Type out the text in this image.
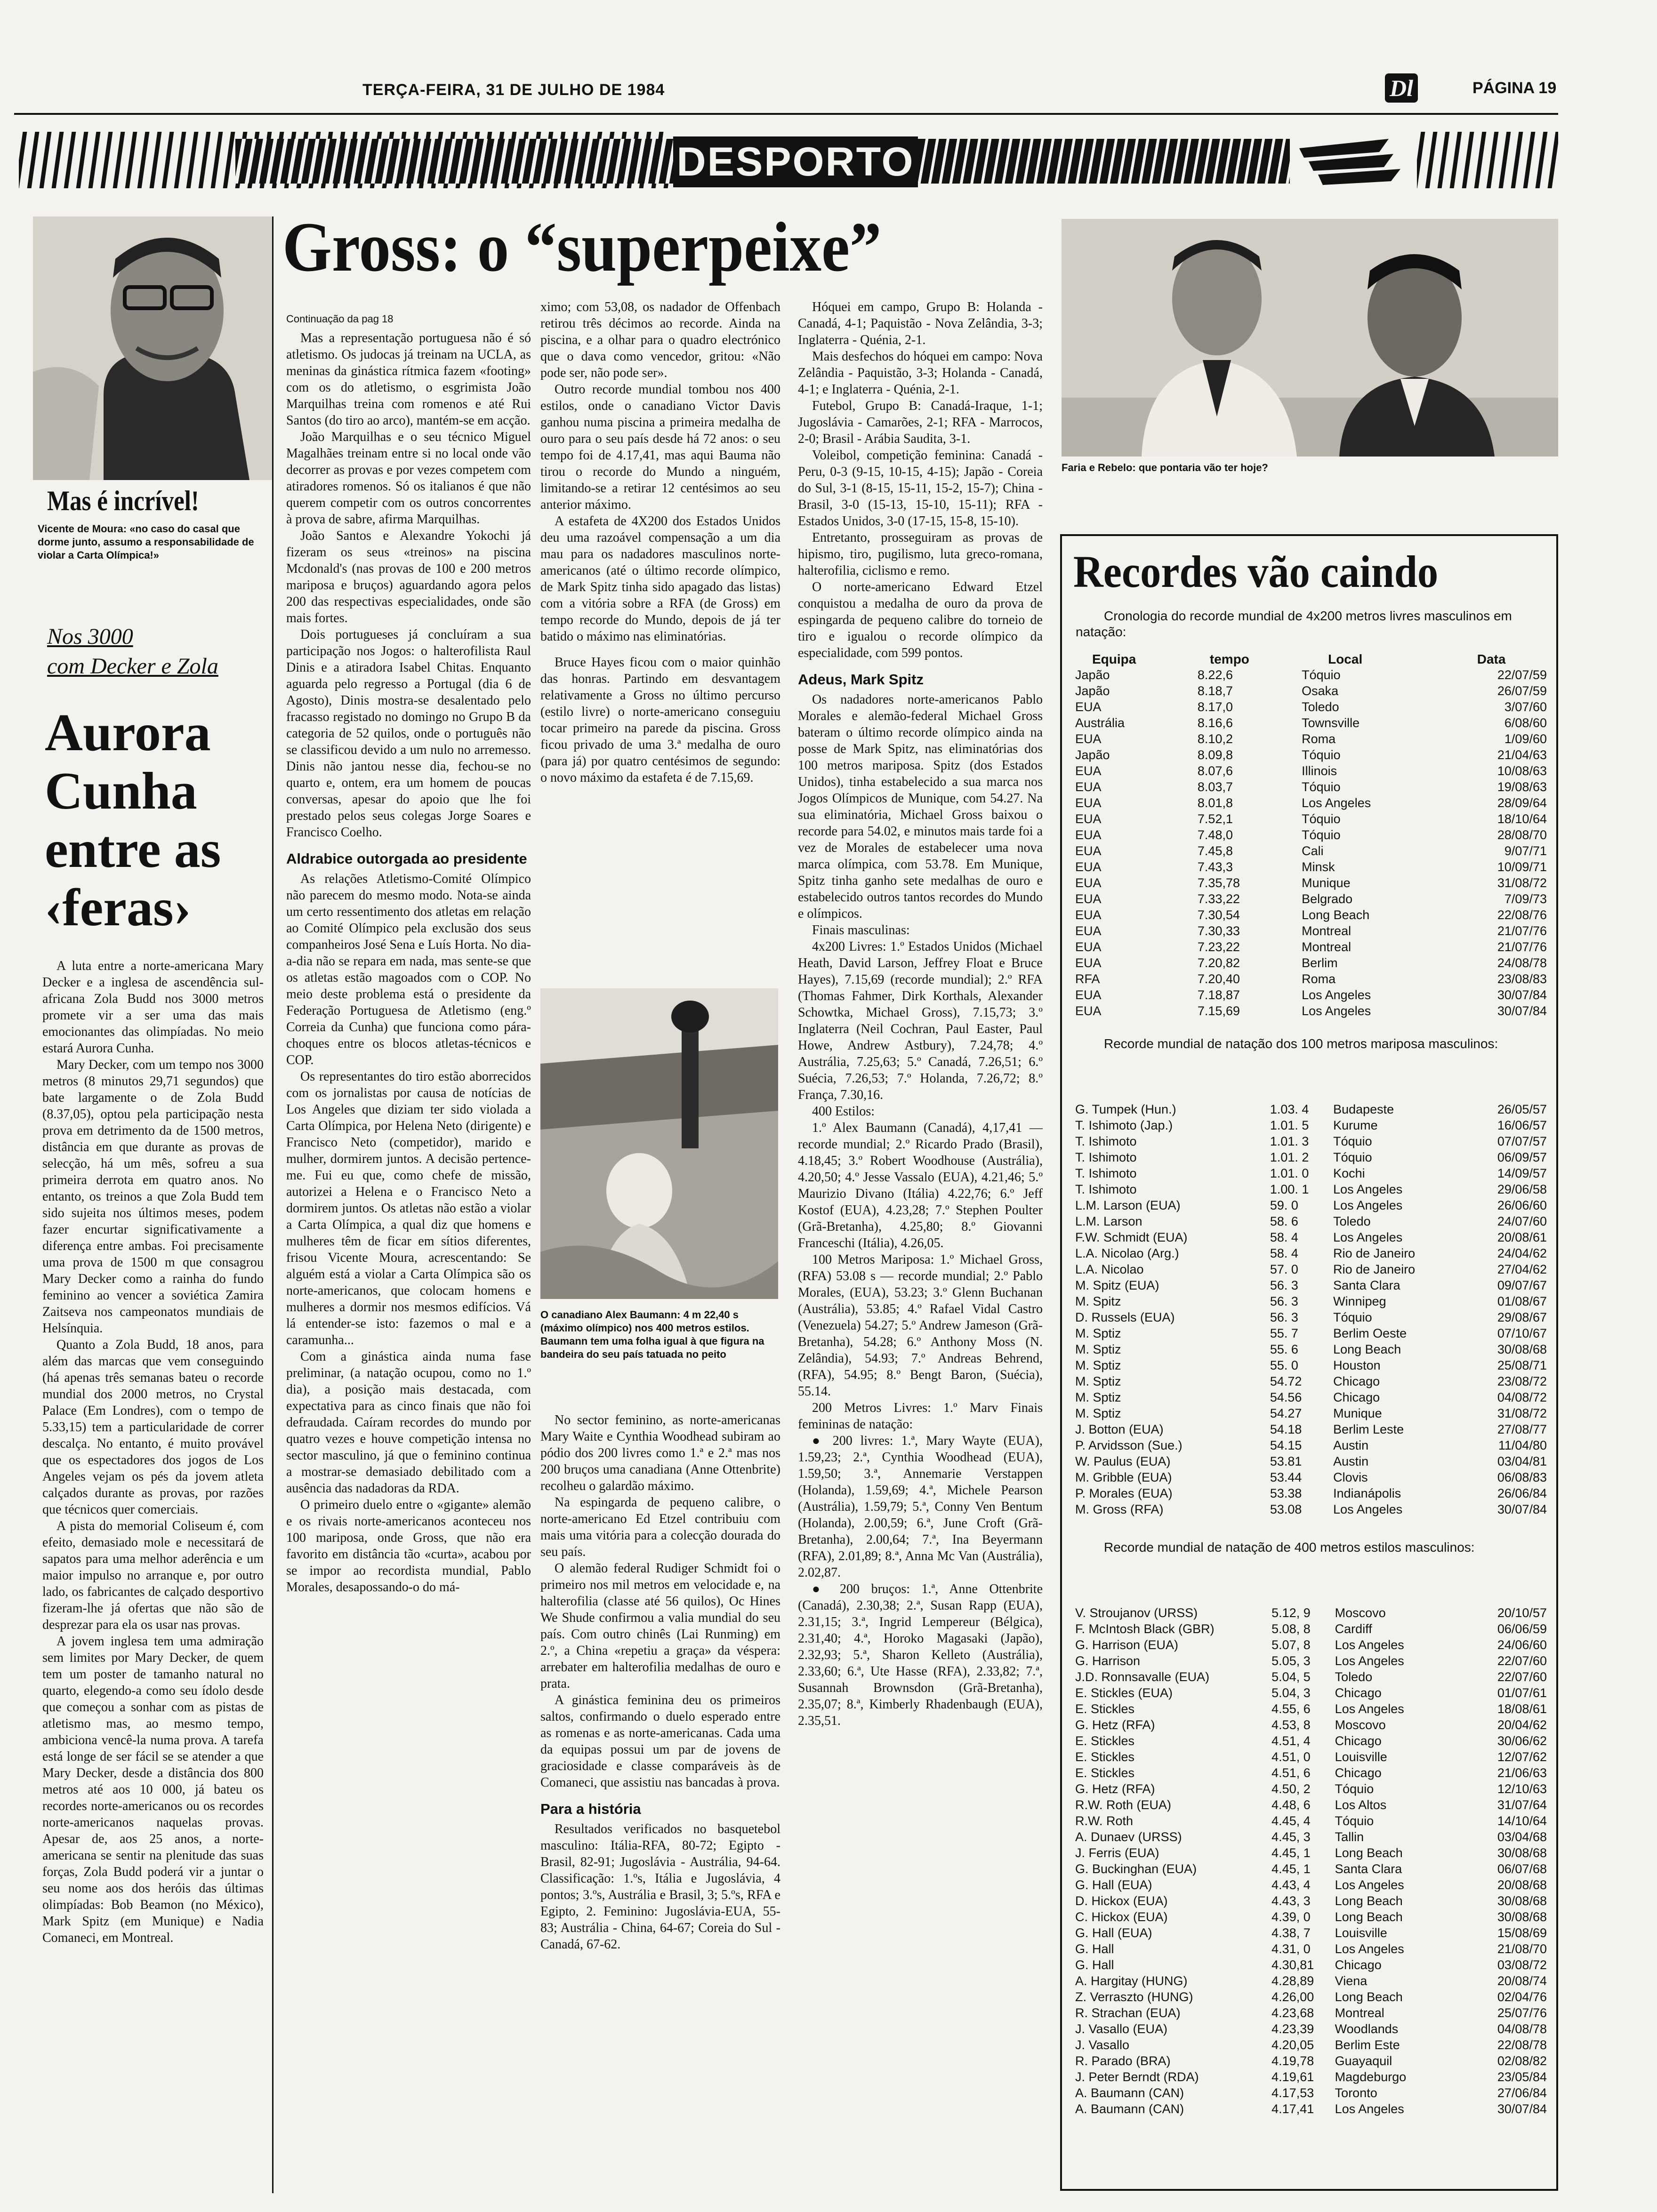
TERÇA-FEIRA, 31 DE JULHO DE 1984	Dl	PÁGINA 19
DESPORTO
Mas é incrível!
Vicente de Moura: «no caso do casal que dorme junto, assumo a responsabilidade de violar a Carta Olímpica!»
Nos 3000
com Decker e Zola
Aurora Cunha entre as ‹feras›

A luta entre a norte-americana Mary Decker e a inglesa de ascendência sul-africana Zola Budd nos 3000 metros promete vir a ser uma das mais emocionantes das olimpíadas. No meio estará Aurora Cunha.

Mary Decker, com um tempo nos 3000 metros (8 minutos 29,71 segundos) que bate largamente o de Zola Budd (8.37,05), optou pela participação nesta prova em detrimento da de 1500 metros, distância em que durante as provas de selecção, há um mês, sofreu a sua primeira derrota em quatro anos. No entanto, os treinos a que Zola Budd tem sido sujeita nos últimos meses, podem fazer encurtar significativamente a diferença entre ambas. Foi precisamente uma prova de 1500 m que consagrou Mary Decker como a rainha do fundo feminino ao vencer a soviética Zamira Zaitseva nos campeonatos mundiais de Helsínquia.

Quanto a Zola Budd, 18 anos, para além das marcas que vem conseguindo (há apenas três semanas bateu o recorde mundial dos 2000 metros, no Crystal Palace (Em Londres), com o tempo de 5.33,15) tem a particularidade de correr descalça. No entanto, é muito provável que os espectadores dos jogos de Los Angeles vejam os pés da jovem atleta calçados durante as provas, por razões que técnicos quer comerciais.

A pista do memorial Coliseum é, com efeito, demasiado mole e necessitará de sapatos para uma melhor aderência e um maior impulso no arranque e, por outro lado, os fabricantes de calçado desportivo fizeram-lhe já ofertas que não são de desprezar para ela os usar nas provas.

A jovem inglesa tem uma admiração sem limites por Mary Decker, de quem tem um poster de tamanho natural no quarto, elegendo-a como seu ídolo desde que começou a sonhar com as pistas de atletismo mas, ao mesmo tempo, ambiciona vencê-la numa prova. A tarefa está longe de ser fácil se se atender a que Mary Decker, desde a distância dos 800 metros até aos 10 000, já bateu os recordes norte-americanos ou os recordes norte-americanos naquelas provas. Apesar de, aos 25 anos, a norte-americana se sentir na plenitude das suas forças, Zola Budd poderá vir a juntar o seu nome aos dos heróis das últimas olimpíadas: Bob Beamon (no México), Mark Spitz (em Munique) e Nadia Comaneci, em Montreal.

Gross: o “superpeixe”

Continuação da pag 18

Mas a representação portuguesa não é só atletismo. Os judocas já treinam na UCLA, as meninas da ginástica rítmica fazem «footing» com os do atletismo, o esgrimista João Marquilhas treina com romenos e até Rui Santos (do tiro ao arco), mantém-se em acção.

João Marquilhas e o seu técnico Miguel Magalhães treinam entre si no local onde vão decorrer as provas e por vezes competem com atiradores romenos. Só os italianos é que não querem competir com os outros concorrentes à prova de sabre, afirma Marquilhas.

João Santos e Alexandre Yokochi já fizeram os seus «treinos» na piscina Mcdonald's (nas provas de 100 e 200 metros mariposa e bruços) aguardando agora pelos 200 das respectivas especialidades, onde são mais fortes.

Dois portugueses já concluíram a sua participação nos Jogos: o halterofilista Raul Dinis e a atiradora Isabel Chitas. Enquanto aguarda pelo regresso a Portugal (dia 6 de Agosto), Dinis mostra-se desalentado pelo fracasso registado no domingo no Grupo B da categoria de 52 quilos, onde o português não se classificou devido a um nulo no arremesso. Dinis não jantou nesse dia, fechou-se no quarto e, ontem, era um homem de poucas conversas, apesar do apoio que lhe foi prestado pelos seus colegas Jorge Soares e Francisco Coelho.

Aldrabice outorgada ao presidente

As relações Atletismo-Comité Olímpico não parecem do mesmo modo. Nota-se ainda um certo ressentimento dos atletas em relação ao Comité Olímpico pela exclusão dos seus companheiros José Sena e Luís Horta. No dia-a-dia não se repara em nada, mas sente-se que os atletas estão magoados com o COP. No meio deste problema está o presidente da Federação Portuguesa de Atletismo (eng.º Correia da Cunha) que funciona como pára-choques entre os blocos atletas-técnicos e COP.

Os representantes do tiro estão aborrecidos com os jornalistas por causa de notícias de Los Angeles que diziam ter sido violada a Carta Olímpica, por Helena Neto (dirigente) e Francisco Neto (competidor), marido e mulher, dormirem juntos. A decisão pertence-me. Fui eu que, como chefe de missão, autorizei a Helena e o Francisco Neto a dormirem juntos. Os atletas não estão a violar a Carta Olímpica, a qual diz que homens e mulheres têm de ficar em sítios diferentes, frisou Vicente Moura, acrescentando: Se alguém está a violar a Carta Olímpica são os norte-americanos, que colocam homens e mulheres a dormir nos mesmos edifícios. Vá lá entender-se isto: fazemos o mal e a caramunha...

Com a ginástica ainda numa fase preliminar, (a natação ocupou, como no 1.º dia), a posição mais destacada, com expectativa para as cinco finais que não foi defraudada. Caíram recordes do mundo por quatro vezes e houve competição intensa no sector masculino, já que o feminino continua a mostrar-se demasiado debilitado com a ausência das nadadoras da RDA.

O primeiro duelo entre o «gigante» alemão e os rivais norte-americanos aconteceu nos 100 mariposa, onde Gross, que não era favorito em distância tão «curta», acabou por se impor ao recordista mundial, Pablo Morales, desapossando-o do má-

ximo; com 53,08, os nadador de Offenbach retirou três décimos ao recorde. Ainda na piscina, e a olhar para o quadro electrónico que o dava como vencedor, gritou: «Não pode ser, não pode ser».

Outro recorde mundial tombou nos 400 estilos, onde o canadiano Victor Davis ganhou numa piscina a primeira medalha de ouro para o seu país desde há 72 anos: o seu tempo foi de 4.17,41, mas aqui Bauma não tirou o recorde do Mundo a ninguém, limitando-se a retirar 12 centésimos ao seu anterior máximo.

A estafeta de 4X200 dos Estados Unidos deu uma razoável compensação a um dia mau para os nadadores masculinos norte-americanos (até o último recorde olímpico, de Mark Spitz tinha sido apagado das listas) com a vitória sobre a RFA (de Gross) em tempo recorde do Mundo, depois de já ter batido o máximo nas eliminatórias.

Bruce Hayes ficou com o maior quinhão das honras. Partindo em desvantagem relativamente a Gross no último percurso (estilo livre) o norte-americano conseguiu tocar primeiro na parede da piscina. Gross ficou privado de uma 3.ª medalha de ouro (para já) por quatro centésimos de segundo: o novo máximo da estafeta é de 7.15,69.

O canadiano Alex Baumann: 4 m 22,40 s (máximo olímpico) nos 400 metros estilos. Baumann tem uma folha igual à que figura na bandeira do seu país tatuada no peito

No sector feminino, as norte-americanas Mary Waite e Cynthia Woodhead subiram ao pódio dos 200 livres como 1.ª e 2.ª mas nos 200 bruços uma canadiana (Anne Ottenbrite) recolheu o galardão máximo.

Na espingarda de pequeno calibre, o norte-americano Ed Etzel contribuiu com mais uma vitória para a colecção dourada do seu país.

O alemão federal Rudiger Schmidt foi o primeiro nos mil metros em velocidade e, na halterofilia (classe até 56 quilos), Oc Hines We Shude confirmou a valia mundial do seu país. Com outro chinês (Lai Runming) em 2.º, a China «repetiu a graça» da véspera: arrebater em halterofilia medalhas de ouro e prata.

A ginástica feminina deu os primeiros saltos, confirmando o duelo esperado entre as romenas e as norte-americanas. Cada uma da equipas possui um par de jovens de graciosidade e classe comparáveis às de Comaneci, que assistiu nas bancadas à prova.

Para a história

Resultados verificados no basquetebol masculino: Itália-RFA, 80-72; Egipto - Brasil, 82-91; Jugoslávia - Austrália, 94-64. Classificação: 1.ºs, Itália e Jugoslávia, 4 pontos; 3.ºs, Austrália e Brasil, 3; 5.ºs, RFA e Egipto, 2. Feminino: Jugoslávia-EUA, 55-83; Austrália - China, 64-67; Coreia do Sul - Canadá, 67-62.

Hóquei em campo, Grupo B: Holanda - Canadá, 4-1; Paquistão - Nova Zelândia, 3-3; Inglaterra - Quénia, 2-1.

Mais desfechos do hóquei em campo: Nova Zelândia - Paquistão, 3-3; Holanda - Canadá, 4-1; e Inglaterra - Quénia, 2-1.

Futebol, Grupo B: Canadá-Iraque, 1-1; Jugoslávia - Camarões, 2-1; RFA - Marrocos, 2-0; Brasil - Arábia Saudita, 3-1.

Voleibol, competição feminina: Canadá - Peru, 0-3 (9-15, 10-15, 4-15); Japão - Coreia do Sul, 3-1 (8-15, 15-11, 15-2, 15-7); China - Brasil, 3-0 (15-13, 15-10, 15-11); RFA - Estados Unidos, 3-0 (17-15, 15-8, 15-10).

Entretanto, prosseguiram as provas de hipismo, tiro, pugilismo, luta greco-romana, halterofilia, ciclismo e remo.

O norte-americano Edward Etzel conquistou a medalha de ouro da prova de espingarda de pequeno calibre do torneio de tiro e igualou o recorde olímpico da especialidade, com 599 pontos.

Adeus, Mark Spitz

Os nadadores norte-americanos Pablo Morales e alemão-federal Michael Gross bateram o último recorde olímpico ainda na posse de Mark Spitz, nas eliminatórias dos 100 metros mariposa. Spitz (dos Estados Unidos), tinha estabelecido a sua marca nos Jogos Olímpicos de Munique, com 54.27. Na sua eliminatória, Michael Gross baixou o recorde para 54.02, e minutos mais tarde foi a vez de Morales de estabelecer uma nova marca olímpica, com 53.78. Em Munique, Spitz tinha ganho sete medalhas de ouro e estabelecido outros tantos recordes do Mundo e olímpicos.

Finais masculinas:

4x200 Livres: 1.º Estados Unidos (Michael Heath, David Larson, Jeffrey Float e Bruce Hayes), 7.15,69 (recorde mundial); 2.º RFA (Thomas Fahmer, Dirk Korthals, Alexander Schowtka, Michael Gross), 7.15,73; 3.º Inglaterra (Neil Cochran, Paul Easter, Paul Howe, Andrew Astbury), 7.24,78; 4.º Austrália, 7.25,63; 5.º Canadá, 7.26,51; 6.º Suécia, 7.26,53; 7.º Holanda, 7.26,72; 8.º França, 7.30,16.

400 Estilos:

1.º Alex Baumann (Canadá), 4,17,41 — recorde mundial; 2.º Ricardo Prado (Brasil), 4.18,45; 3.º Robert Woodhouse (Austrália), 4.20,50; 4.º Jesse Vassalo (EUA), 4.21,46; 5.º Maurizio Divano (Itália) 4.22,76; 6.º Jeff Kostof (EUA), 4.23,28; 7.º Stephen Poulter (Grã-Bretanha), 4.25,80; 8.º Giovanni Franceschi (Itália), 4.26,05.

100 Metros Mariposa: 1.º Michael Gross, (RFA) 53.08 s — recorde mundial; 2.º Pablo Morales, (EUA), 53.23; 3.º Glenn Buchanan (Austrália), 53.85; 4.º Rafael Vidal Castro (Venezuela) 54.27; 5.º Andrew Jameson (Grã-Bretanha), 54.28; 6.º Anthony Moss (N. Zelândia), 54.93; 7.º Andreas Behrend, (RFA), 54.95; 8.º Bengt Baron, (Suécia), 55.14.

200 Metros Livres: 1.º Marv Finais femininas de natação:

● 200 livres: 1.ª, Mary Wayte (EUA), 1.59,23; 2.ª, Cynthia Woodhead (EUA), 1.59,50; 3.ª, Annemarie Verstappen (Holanda), 1.59,69; 4.ª, Michele Pearson (Austrália), 1.59,79; 5.ª, Conny Ven Bentum (Holanda), 2.00,59; 6.ª, June Croft (Grã-Bretanha), 2.00,64; 7.ª, Ina Beyermann (RFA), 2.01,89; 8.ª, Anna Mc Van (Austrália), 2.02,87.

● 200 bruços: 1.ª, Anne Ottenbrite (Canadá), 2.30,38; 2.ª, Susan Rapp (EUA), 2.31,15; 3.ª, Ingrid Lempereur (Bélgica), 2.31,40; 4.ª, Horoko Magasaki (Japão), 2.32,93; 5.ª, Sharon Kelleto (Austrália), 2.33,60; 6.ª, Ute Hasse (RFA), 2.33,82; 7.ª, Susannah Brownsdon (Grã-Bretanha), 2.35,07; 8.ª, Kimberly Rhadenbaugh (EUA), 2.35,51.

Faria e Rebelo: que pontaria vão ter hoje?
Recordes vão caindo
Cronologia do recorde mundial de 4x200 metros livres masculinos em natação:
Equipa	tempo	Local	Data
Japão	8.22,6	Tóquio	22/07/59
Japão	8.18,7	Osaka	26/07/59
EUA	8.17,0	Toledo	3/07/60
Austrália	8.16,6	Townsville	6/08/60
EUA	8.10,2	Roma	1/09/60
Japão	8.09,8	Tóquio	21/04/63
EUA	8.07,6	Illinois	10/08/63
EUA	8.03,7	Tóquio	19/08/63
EUA	8.01,8	Los Angeles	28/09/64
EUA	7.52,1	Tóquio	18/10/64
EUA	7.48,0	Tóquio	28/08/70
EUA	7.45,8	Cali	9/07/71
EUA	7.43,3	Minsk	10/09/71
EUA	7.35,78	Munique	31/08/72
EUA	7.33,22	Belgrado	7/09/73
EUA	7.30,54	Long Beach	22/08/76
EUA	7.30,33	Montreal	21/07/76
EUA	7.23,22	Montreal	21/07/76
EUA	7.20,82	Berlim	24/08/78
RFA	7.20,40	Roma	23/08/83
EUA	7.18,87	Los Angeles	30/07/84
EUA	7.15,69	Los Angeles	30/07/84
Recorde mundial de natação dos 100 metros mariposa masculinos:
G. Tumpek (Hun.)	1.03. 4	Budapeste	26/05/57
T. Ishimoto (Jap.)	1.01. 5	Kurume	16/06/57
T. Ishimoto	1.01. 3	Tóquio	07/07/57
T. Ishimoto	1.01. 2	Tóquio	06/09/57
T. Ishimoto	1.01. 0	Kochi	14/09/57
T. Ishimoto	1.00. 1	Los Angeles	29/06/58
L.M. Larson (EUA)	59. 0	Los Angeles	26/06/60
L.M. Larson	58. 6	Toledo	24/07/60
F.W. Schmidt (EUA)	58. 4	Los Angeles	20/08/61
L.A. Nicolao (Arg.)	58. 4	Rio de Janeiro	24/04/62
L.A. Nicolao	57. 0	Rio de Janeiro	27/04/62
M. Spitz (EUA)	56. 3	Santa Clara	09/07/67
M. Spitz	56. 3	Winnipeg	01/08/67
D. Russels (EUA)	56. 3	Tóquio	29/08/67
M. Sptiz	55. 7	Berlim Oeste	07/10/67
M. Sptiz	55. 6	Long Beach	30/08/68
M. Sptiz	55. 0	Houston	25/08/71
M. Sptiz	54.72	Chicago	23/08/72
M. Sptiz	54.56	Chicago	04/08/72
M. Sptiz	54.27	Munique	31/08/72
J. Botton (EUA)	54.18	Berlim Leste	27/08/77
P. Arvidsson (Sue.)	54.15	Austin	11/04/80
W. Paulus (EUA)	53.81	Austin	03/04/81
M. Gribble (EUA)	53.44	Clovis	06/08/83
P. Morales (EUA)	53.38	Indianápolis	26/06/84
M. Gross (RFA)	53.08	Los Angeles	30/07/84
Recorde mundial de natação de 400 metros estilos masculinos:
V. Stroujanov (URSS)	5.12, 9	Moscovo	20/10/57
F. McIntosh Black (GBR)	5.08, 8	Cardiff	06/06/59
G. Harrison (EUA)	5.07, 8	Los Angeles	24/06/60
G. Harrison	5.05, 3	Los Angeles	22/07/60
J.D. Ronnsavalle (EUA)	5.04, 5	Toledo	22/07/60
E. Stickles (EUA)	5.04, 3	Chicago	01/07/61
E. Stickles	4.55, 6	Los Angeles	18/08/61
G. Hetz (RFA)	4.53, 8	Moscovo	20/04/62
E. Stickles	4.51, 4	Chicago	30/06/62
E. Stickles	4.51, 0	Louisville	12/07/62
E. Stickles	4.51, 6	Chicago	21/06/63
G. Hetz (RFA)	4.50, 2	Tóquio	12/10/63
R.W. Roth (EUA)	4.48, 6	Los Altos	31/07/64
R.W. Roth	4.45, 4	Tóquio	14/10/64
A. Dunaev (URSS)	4.45, 3	Tallin	03/04/68
J. Ferris (EUA)	4.45, 1	Long Beach	30/08/68
G. Buckinghan (EUA)	4.45, 1	Santa Clara	06/07/68
G. Hall (EUA)	4.43, 4	Los Angeles	20/08/68
D. Hickox (EUA)	4.43, 3	Long Beach	30/08/68
C. Hickox (EUA)	4.39, 0	Long Beach	30/08/68
G. Hall (EUA)	4.38, 7	Louisville	15/08/69
G. Hall	4.31, 0	Los Angeles	21/08/70
G. Hall	4.30,81	Chicago	03/08/72
A. Hargitay (HUNG)	4.28,89	Viena	20/08/74
Z. Verraszto (HUNG)	4.26,00	Long Beach	02/04/76
R. Strachan (EUA)	4.23,68	Montreal	25/07/76
J. Vasallo (EUA)	4.23,39	Woodlands	04/08/78
J. Vasallo	4.20,05	Berlim Este	22/08/78
R. Parado (BRA)	4.19,78	Guayaquil	02/08/82
J. Peter Berndt (RDA)	4.19,61	Magdeburgo	23/05/84
A. Baumann (CAN)	4.17,53	Toronto	27/06/84
A. Baumann (CAN)	4.17,41	Los Angeles	30/07/84
